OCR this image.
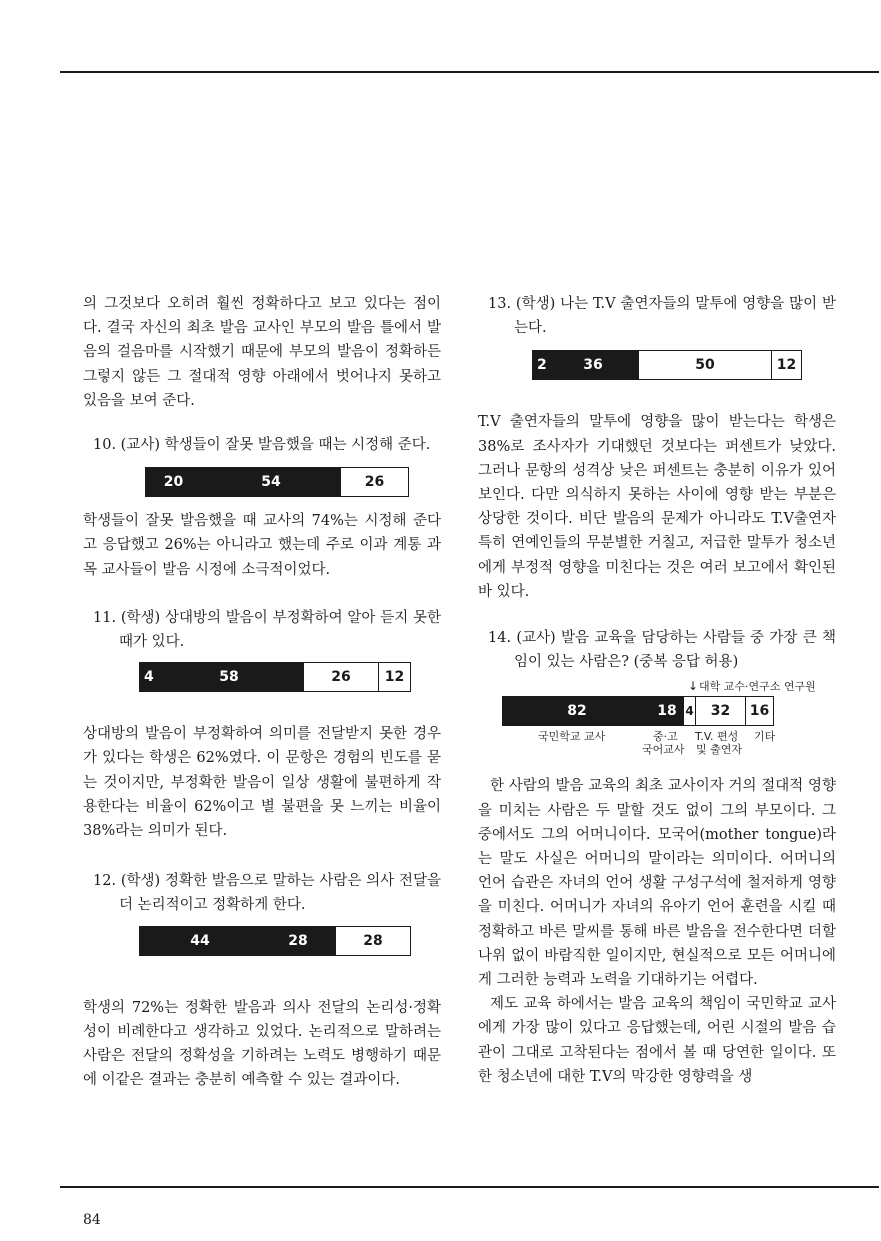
의 그것보다 오히려 훨씬 정확하다고 보고 있다는 점이다. 결국 자신의 최초 발음 교사인 부모의 발음 틀에서 발음의 걸음마를 시작했기 때문에 부모의 발음이 정확하든 그렇지 않든 그 절대적 영향 아래에서 벗어나지 못하고 있음을 보여 준다.

10. (교사) 학생들이 잘못 발음했을 때는 시정해 준다.

20	54	26

학생들이 잘못 발음했을 때 교사의 74%는 시정해 준다고 응답했고 26%는 아니라고 했는데 주로 이과 계통 과목 교사들이 발음 시정에 소극적이었다.

11. (학생) 상대방의 발음이 부정확하여 알아 듣지 못한 때가 있다.

4	58	26	12

상대방의 발음이 부정확하여 의미를 전달받지 못한 경우가 있다는 학생은 62%였다. 이 문항은 경험의 빈도를 묻는 것이지만, 부정확한 발음이 일상 생활에 불편하게 작용한다는 비율이 62%이고 별 불편을 못 느끼는 비율이 38%라는 의미가 된다.

12. (학생) 정확한 발음으로 말하는 사람은 의사 전달을 더 논리적이고 정확하게 한다.

44	28	28

학생의 72%는 정확한 발음과 의사 전달의 논리성·정확성이 비례한다고 생각하고 있었다. 논리적으로 말하려는 사람은 전달의 정확성을 기하려는 노력도 병행하기 때문에 이같은 결과는 충분히 예측할 수 있는 결과이다.

13. (학생) 나는 T.V 출연자들의 말투에 영향을 많이 받는다.

2	36	50	12

T.V 출연자들의 말투에 영향을 많이 받는다는 학생은 38%로 조사자가 기대했던 것보다는 퍼센트가 낮았다. 그러나 문항의 성격상 낮은 퍼센트는 충분히 이유가 있어 보인다. 다만 의식하지 못하는 사이에 영향 받는 부분은 상당한 것이다. 비단 발음의 문제가 아니라도 T.V출연자 특히 연예인들의 무분별한 거칠고, 저급한 말투가 청소년에게 부정적 영향을 미친다는 것은 여러 보고에서 확인된 바 있다.

14. (교사) 발음 교육을 담당하는 사람들 중 가장 큰 책임이 있는 사람은? (중복 응답 허용)

↓ 대학 교수·연구소 연구원
82	18 4	32	16
국민학교 교사	중·고
국어교사
T.V. 편성
및 출연자
기타

한 사람의 발음 교육의 최초 교사이자 거의 절대적 영향을 미치는 사람은 두 말할 것도 없이 그의 부모이다. 그 중에서도 그의 어머니이다. 모국어(mother tongue)라는 말도 사실은 어머니의 말이라는 의미이다. 어머니의 언어 습관은 자녀의 언어 생활 구성구석에 철저하게 영향을 미친다. 어머니가 자녀의 유아기 언어 훈련을 시킬 때 정확하고 바른 말씨를 통해 바른 발음을 전수한다면 더할 나위 없이 바람직한 일이지만, 현실적으로 모든 어머니에게 그러한 능력과 노력을 기대하기는 어렵다.

제도 교육 하에서는 발음 교육의 책임이 국민학교 교사에게 가장 많이 있다고 응답했는데, 어린 시절의 발음 습관이 그대로 고착된다는 점에서 볼 때 당연한 일이다. 또한 청소년에 대한 T.V의 막강한 영향력을 생

84
